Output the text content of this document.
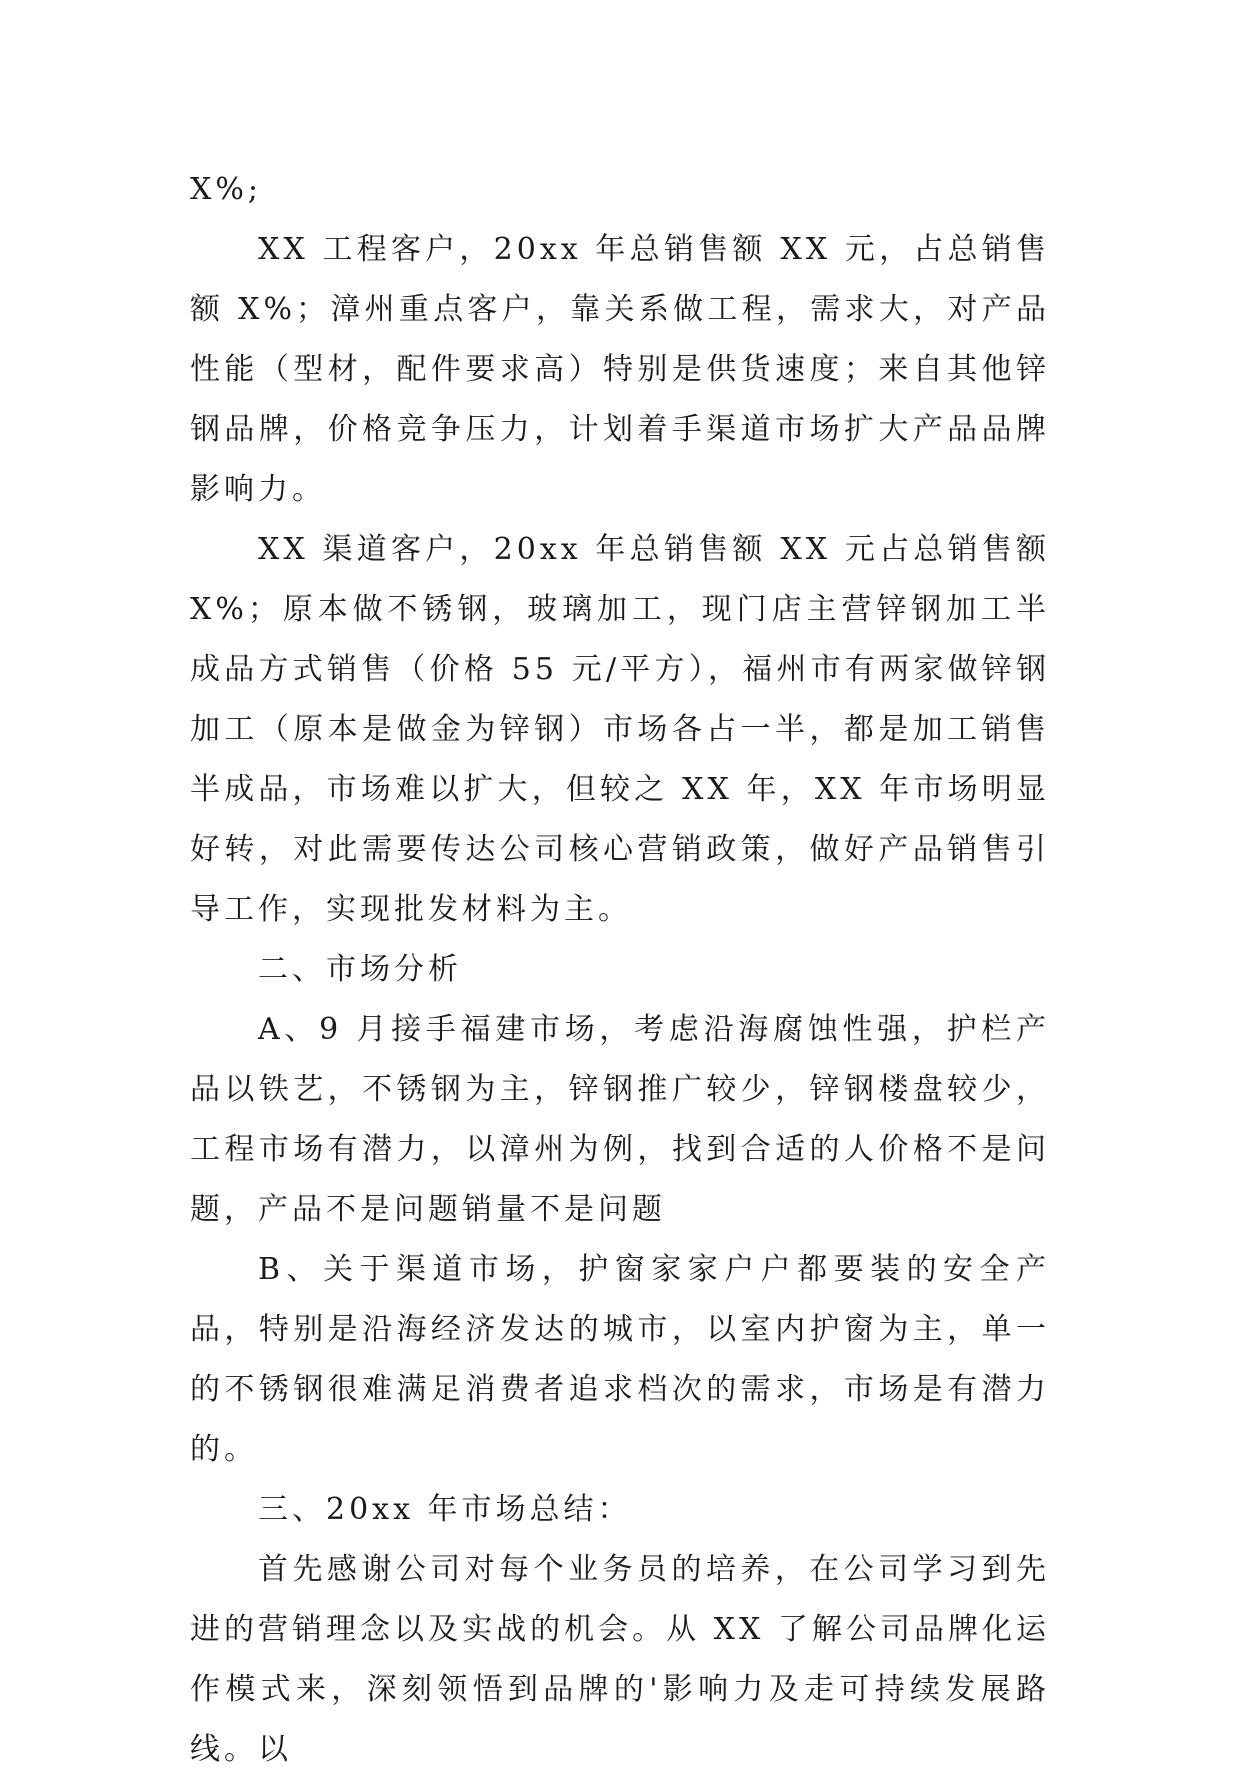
X%;

XX 工程客户，20xx 年总销售额 XX 元，占总销售额 X%；漳州重点客户，靠关系做工程，需求大，对产品性能（型材，配件要求高）特别是供货速度；来自其他锌钢品牌，价格竞争压力，计划着手渠道市场扩大产品品牌影响力。

XX 渠道客户，20xx 年总销售额 XX 元占总销售额 X%；原本做不锈钢，玻璃加工，现门店主营锌钢加工半成品方式销售（价格 55 元/平方），福州市有两家做锌钢加工（原本是做金为锌钢）市场各占一半，都是加工销售半成品，市场难以扩大，但较之 XX 年，XX 年市场明显好转，对此需要传达公司核心营销政策，做好产品销售引导工作，实现批发材料为主。

二、市场分析

A、9 月接手福建市场，考虑沿海腐蚀性强，护栏产品以铁艺，不锈钢为主，锌钢推广较少，锌钢楼盘较少，工程市场有潜力，以漳州为例，找到合适的人价格不是问题，产品不是问题销量不是问题

B、关于渠道市场，护窗家家户户都要装的安全产品，特别是沿海经济发达的城市，以室内护窗为主，单一的不锈钢很难满足消费者追求档次的需求，市场是有潜力的。

三、20xx 年市场总结：

首先感谢公司对每个业务员的培养，在公司学习到先进的营销理念以及实战的机会。从 XX 了解公司品牌化运作模式来，深刻领悟到品牌的'影响力及走可持续发展路线。以
